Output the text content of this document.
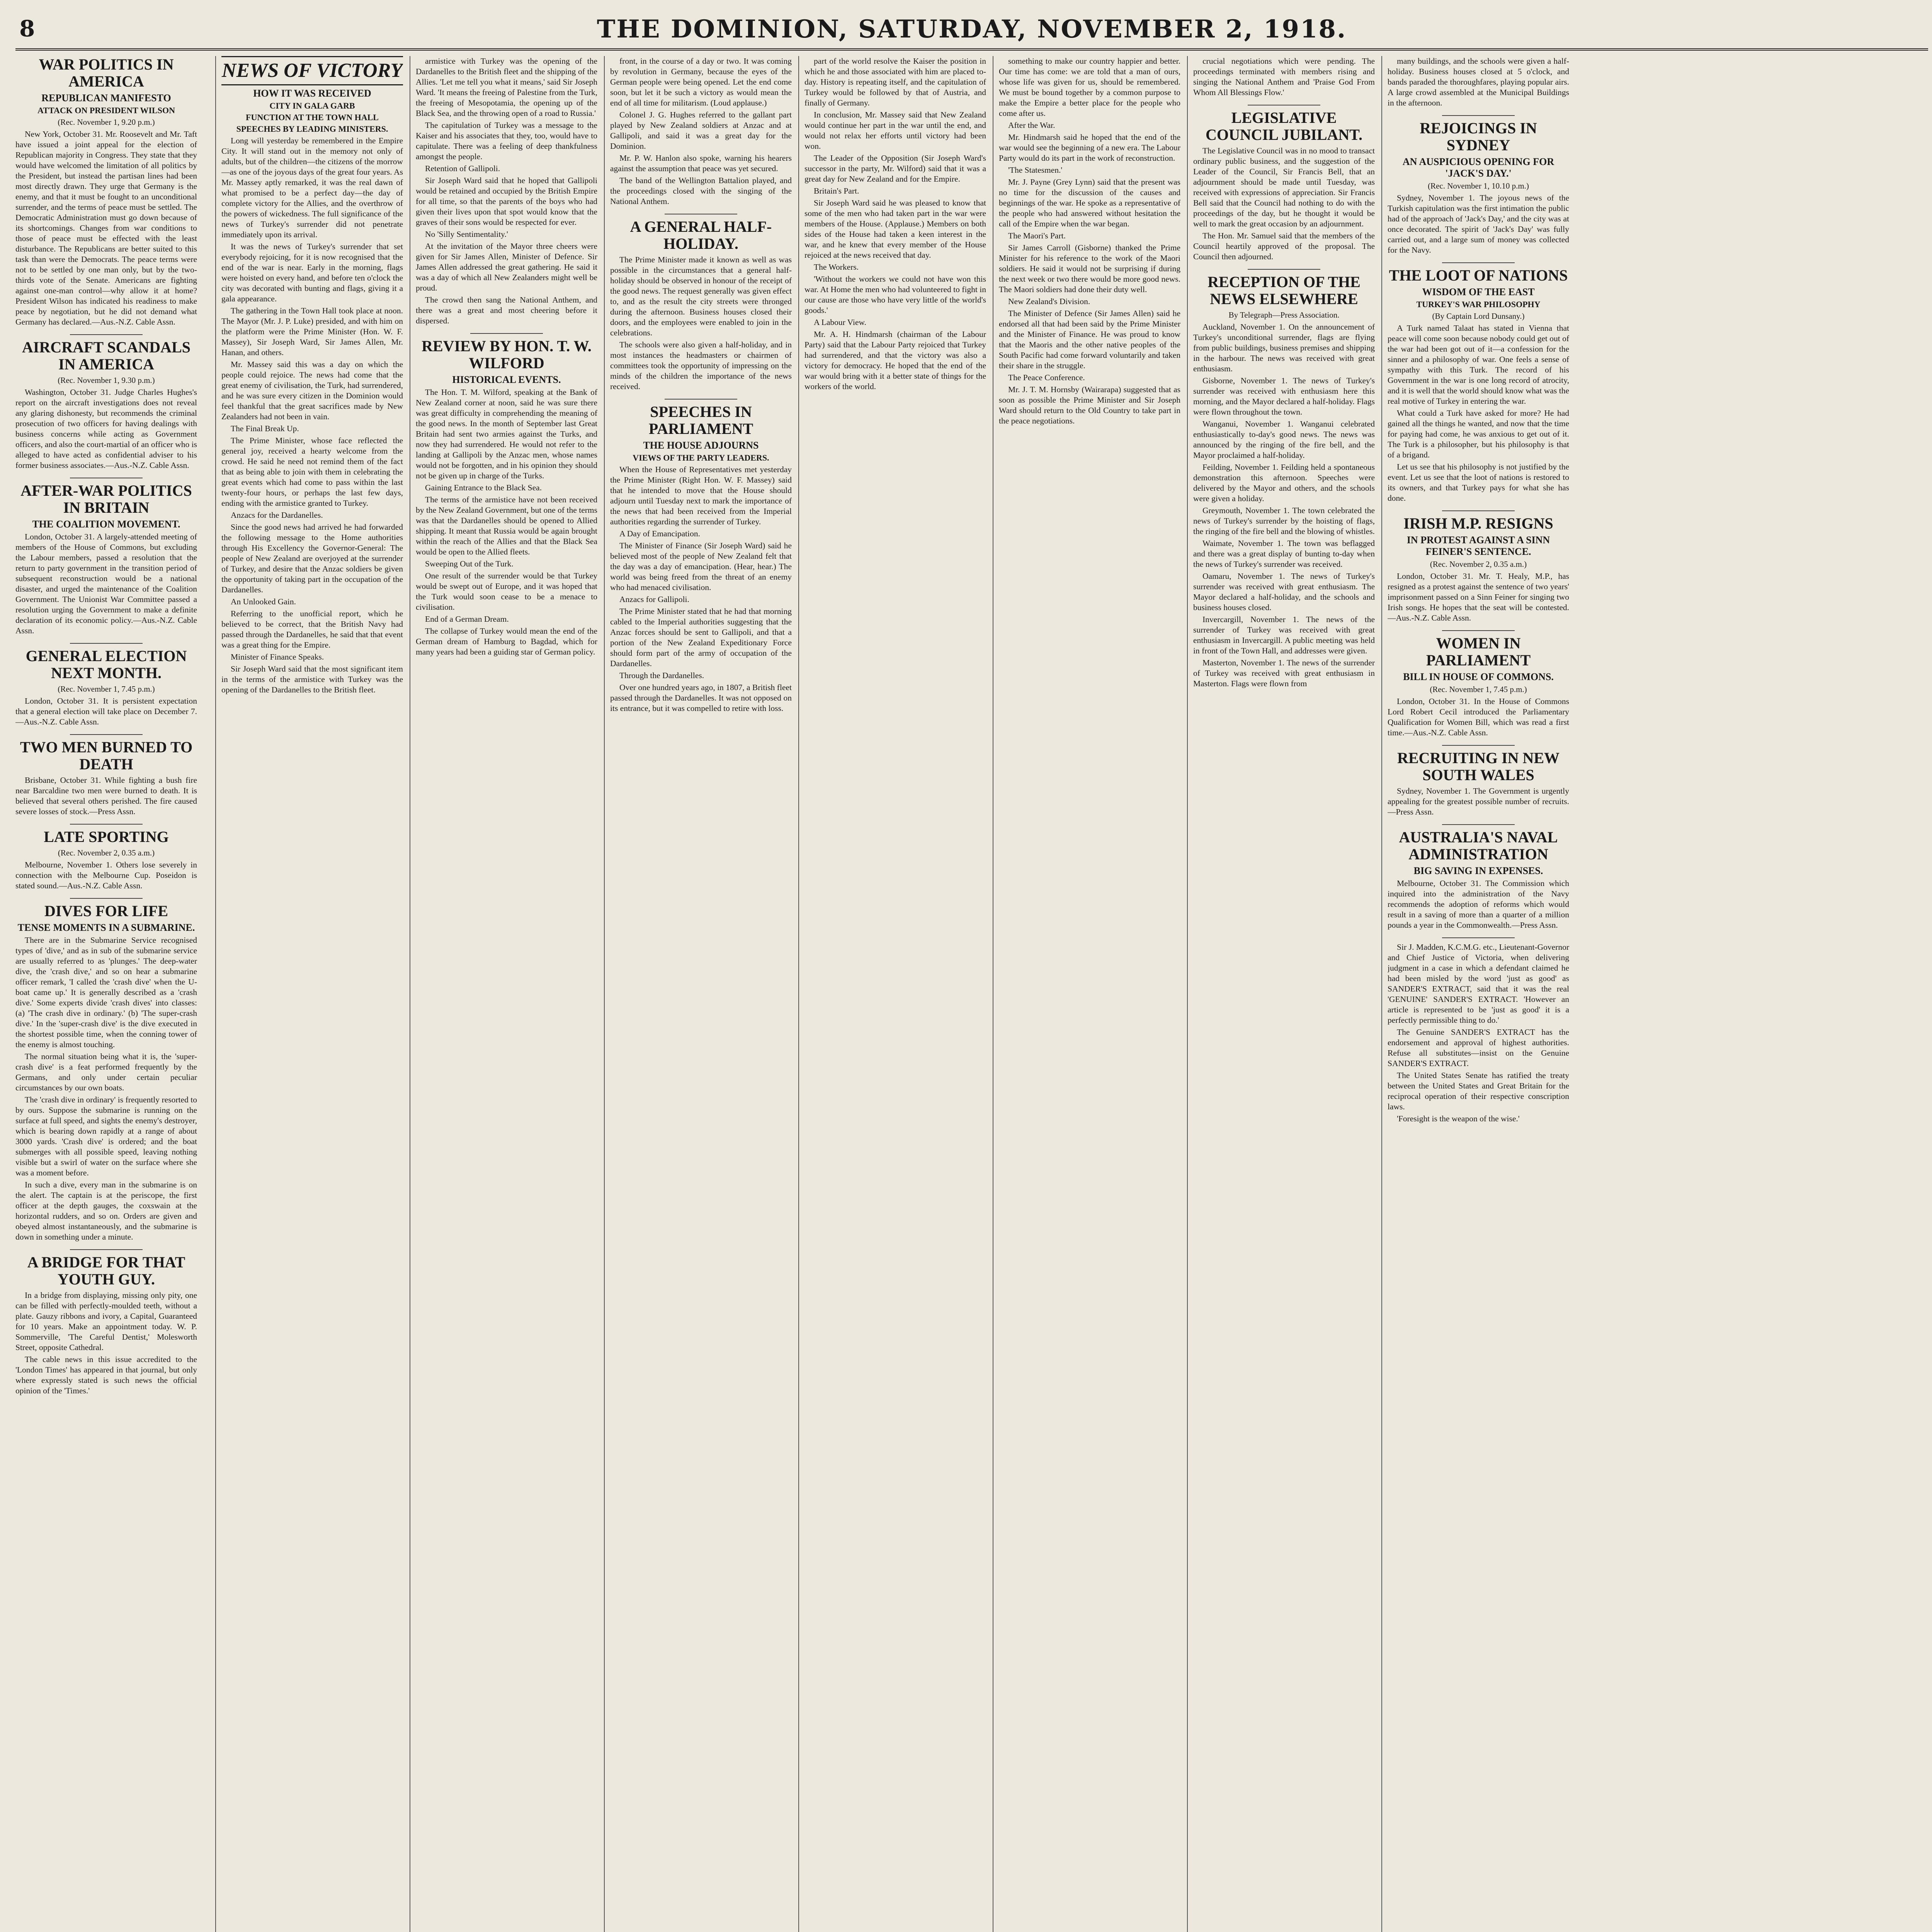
8	THE DOMINION, SATURDAY, NOVEMBER 2, 1918.
WAR POLITICS IN AMERICA
REPUBLICAN MANIFESTO
ATTACK ON PRESIDENT WILSON
(Rec. November 1, 9.20 p.m.)

New York, October 31. Mr. Roosevelt and Mr. Taft have issued a joint appeal for the election of Republican majority in Congress. They state that they would have welcomed the limitation of all politics by the President, but instead the partisan lines had been most directly drawn. They urge that Germany is the enemy, and that it must be fought to an unconditional surrender, and the terms of peace must be settled. The Democratic Administration must go down because of its shortcomings. Changes from war conditions to those of peace must be effected with the least disturbance. The Republicans are better suited to this task than were the Democrats. The peace terms were not to be settled by one man only, but by the two-thirds vote of the Senate. Americans are fighting against one-man control—why allow it at home? President Wilson has indicated his readiness to make peace by negotiation, but he did not demand what Germany has declared.—Aus.-N.Z. Cable Assn.

AIRCRAFT SCANDALS IN AMERICA
(Rec. November 1, 9.30 p.m.)

Washington, October 31. Judge Charles Hughes's report on the aircraft investigations does not reveal any glaring dishonesty, but recommends the criminal prosecution of two officers for having dealings with business concerns while acting as Government officers, and also the court-martial of an officer who is alleged to have acted as confidential adviser to his former business associates.—Aus.-N.Z. Cable Assn.

AFTER-WAR POLITICS IN BRITAIN
THE COALITION MOVEMENT.

London, October 31. A largely-attended meeting of members of the House of Commons, but excluding the Labour members, passed a resolution that the return to party government in the transition period of subsequent reconstruction would be a national disaster, and urged the maintenance of the Coalition Government. The Unionist War Committee passed a resolution urging the Government to make a definite declaration of its economic policy.—Aus.-N.Z. Cable Assn.

GENERAL ELECTION NEXT MONTH.
(Rec. November 1, 7.45 p.m.)

London, October 31. It is persistent expectation that a general election will take place on December 7.—Aus.-N.Z. Cable Assn.

TWO MEN BURNED TO DEATH

Brisbane, October 31. While fighting a bush fire near Barcaldine two men were burned to death. It is believed that several others perished. The fire caused severe losses of stock.—Press Assn.

LATE SPORTING
(Rec. November 2, 0.35 a.m.)

Melbourne, November 1. Others lose severely in connection with the Melbourne Cup. Poseidon is stated sound.—Aus.-N.Z. Cable Assn.

DIVES FOR LIFE
TENSE MOMENTS IN A SUBMARINE.

There are in the Submarine Service recognised types of 'dive,' and as in sub of the submarine service are usually referred to as 'plunges.' The deep-water dive, the 'crash dive,' and so on hear a submarine officer remark, 'I called the 'crash dive' when the U-boat came up.' It is generally described as a 'crash dive.' Some experts divide 'crash dives' into classes: (a) 'The crash dive in ordinary.' (b) 'The super-crash dive.' In the 'super-crash dive' is the dive executed in the shortest possible time, when the conning tower of the enemy is almost touching.

The normal situation being what it is, the 'super-crash dive' is a feat performed frequently by the Germans, and only under certain peculiar circumstances by our own boats.

The 'crash dive in ordinary' is frequently resorted to by ours. Suppose the submarine is running on the surface at full speed, and sights the enemy's destroyer, which is bearing down rapidly at a range of about 3000 yards. 'Crash dive' is ordered; and the boat submerges with all possible speed, leaving nothing visible but a swirl of water on the surface where she was a moment before.

In such a dive, every man in the submarine is on the alert. The captain is at the periscope, the first officer at the depth gauges, the coxswain at the horizontal rudders, and so on. Orders are given and obeyed almost instantaneously, and the submarine is down in something under a minute.

A BRIDGE FOR THAT YOUTH GUY.

In a bridge from displaying, missing only pity, one can be filled with perfectly-moulded teeth, without a plate. Gauzy ribbons and ivory, a Capital, Guaranteed for 10 years. Make an appointment today. W. P. Sommerville, 'The Careful Dentist,' Molesworth Street, opposite Cathedral.

The cable news in this issue accredited to the 'London Times' has appeared in that journal, but only where expressly stated is such news the official opinion of the 'Times.'

NEWS OF VICTORY
HOW IT WAS RECEIVED
CITY IN GALA GARB
FUNCTION AT THE TOWN HALL
SPEECHES BY LEADING MINISTERS.

Long will yesterday be remembered in the Empire City. It will stand out in the memory not only of adults, but of the children—the citizens of the morrow—as one of the joyous days of the great four years. As Mr. Massey aptly remarked, it was the real dawn of what promised to be a perfect day—the day of complete victory for the Allies, and the overthrow of the powers of wickedness. The full significance of the news of Turkey's surrender did not penetrate immediately upon its arrival.

It was the news of Turkey's surrender that set everybody rejoicing, for it is now recognised that the end of the war is near. Early in the morning, flags were hoisted on every hand, and before ten o'clock the city was decorated with bunting and flags, giving it a gala appearance.

The gathering in the Town Hall took place at noon. The Mayor (Mr. J. P. Luke) presided, and with him on the platform were the Prime Minister (Hon. W. F. Massey), Sir Joseph Ward, Sir James Allen, Mr. Hanan, and others.

Mr. Massey said this was a day on which the people could rejoice. The news had come that the great enemy of civilisation, the Turk, had surrendered, and he was sure every citizen in the Dominion would feel thankful that the great sacrifices made by New Zealanders had not been in vain.

The Final Break Up.

The Prime Minister, whose face reflected the general joy, received a hearty welcome from the crowd. He said he need not remind them of the fact that as being able to join with them in celebrating the great events which had come to pass within the last twenty-four hours, or perhaps the last few days, ending with the armistice granted to Turkey.

Anzacs for the Dardanelles.

Since the good news had arrived he had forwarded the following message to the Home authorities through His Excellency the Governor-General: The people of New Zealand are overjoyed at the surrender of Turkey, and desire that the Anzac soldiers be given the opportunity of taking part in the occupation of the Dardanelles.

An Unlooked Gain.

Referring to the unofficial report, which he believed to be correct, that the British Navy had passed through the Dardanelles, he said that that event was a great thing for the Empire.

Minister of Finance Speaks.

Sir Joseph Ward said that the most significant item in the terms of the armistice with Turkey was the opening of the Dardanelles to the British fleet.

armistice with Turkey was the opening of the Dardanelles to the British fleet and the shipping of the Allies. 'Let me tell you what it means,' said Sir Joseph Ward. 'It means the freeing of Palestine from the Turk, the freeing of Mesopotamia, the opening up of the Black Sea, and the throwing open of a road to Russia.'

The capitulation of Turkey was a message to the Kaiser and his associates that they, too, would have to capitulate. There was a feeling of deep thankfulness amongst the people.

Retention of Gallipoli.

Sir Joseph Ward said that he hoped that Gallipoli would be retained and occupied by the British Empire for all time, so that the parents of the boys who had given their lives upon that spot would know that the graves of their sons would be respected for ever.

No 'Silly Sentimentality.'

At the invitation of the Mayor three cheers were given for Sir James Allen, Minister of Defence. Sir James Allen addressed the great gathering. He said it was a day of which all New Zealanders might well be proud.

The crowd then sang the National Anthem, and there was a great and most cheering before it dispersed.

REVIEW BY HON. T. W. WILFORD
HISTORICAL EVENTS.

The Hon. T. M. Wilford, speaking at the Bank of New Zealand corner at noon, said he was sure there was great difficulty in comprehending the meaning of the good news. In the month of September last Great Britain had sent two armies against the Turks, and now they had surrendered. He would not refer to the landing at Gallipoli by the Anzac men, whose names would not be forgotten, and in his opinion they should not be given up in charge of the Turks.

Gaining Entrance to the Black Sea.

The terms of the armistice have not been received by the New Zealand Government, but one of the terms was that the Dardanelles should be opened to Allied shipping. It meant that Russia would be again brought within the reach of the Allies and that the Black Sea would be open to the Allied fleets.

Sweeping Out of the Turk.

One result of the surrender would be that Turkey would be swept out of Europe, and it was hoped that the Turk would soon cease to be a menace to civilisation.

End of a German Dream.

The collapse of Turkey would mean the end of the German dream of Hamburg to Bagdad, which for many years had been a guiding star of German policy.

front, in the course of a day or two. It was coming by revolution in Germany, because the eyes of the German people were being opened. Let the end come soon, but let it be such a victory as would mean the end of all time for militarism. (Loud applause.)

Colonel J. G. Hughes referred to the gallant part played by New Zealand soldiers at Anzac and at Gallipoli, and said it was a great day for the Dominion.

Mr. P. W. Hanlon also spoke, warning his hearers against the assumption that peace was yet secured.

The band of the Wellington Battalion played, and the proceedings closed with the singing of the National Anthem.

A GENERAL HALF-HOLIDAY.

The Prime Minister made it known as well as was possible in the circumstances that a general half-holiday should be observed in honour of the receipt of the good news. The request generally was given effect to, and as the result the city streets were thronged during the afternoon. Business houses closed their doors, and the employees were enabled to join in the celebrations.

The schools were also given a half-holiday, and in most instances the headmasters or chairmen of committees took the opportunity of impressing on the minds of the children the importance of the news received.

SPEECHES IN PARLIAMENT
THE HOUSE ADJOURNS
VIEWS OF THE PARTY LEADERS.

When the House of Representatives met yesterday the Prime Minister (Right Hon. W. F. Massey) said that he intended to move that the House should adjourn until Tuesday next to mark the importance of the news that had been received from the Imperial authorities regarding the surrender of Turkey.

A Day of Emancipation.

The Minister of Finance (Sir Joseph Ward) said he believed most of the people of New Zealand felt that the day was a day of emancipation. (Hear, hear.) The world was being freed from the threat of an enemy who had menaced civilisation.

Anzacs for Gallipoli.

The Prime Minister stated that he had that morning cabled to the Imperial authorities suggesting that the Anzac forces should be sent to Gallipoli, and that a portion of the New Zealand Expeditionary Force should form part of the army of occupation of the Dardanelles.

Through the Dardanelles.

Over one hundred years ago, in 1807, a British fleet passed through the Dardanelles. It was not opposed on its entrance, but it was compelled to retire with loss.

part of the world resolve the Kaiser the position in which he and those associated with him are placed to-day. History is repeating itself, and the capitulation of Turkey would be followed by that of Austria, and finally of Germany.

In conclusion, Mr. Massey said that New Zealand would continue her part in the war until the end, and would not relax her efforts until victory had been won.

The Leader of the Opposition (Sir Joseph Ward's successor in the party, Mr. Wilford) said that it was a great day for New Zealand and for the Empire.

Britain's Part.

Sir Joseph Ward said he was pleased to know that some of the men who had taken part in the war were members of the House. (Applause.) Members on both sides of the House had taken a keen interest in the war, and he knew that every member of the House rejoiced at the news received that day.

The Workers.

'Without the workers we could not have won this war. At Home the men who had volunteered to fight in our cause are those who have very little of the world's goods.'

A Labour View.

Mr. A. H. Hindmarsh (chairman of the Labour Party) said that the Labour Party rejoiced that Turkey had surrendered, and that the victory was also a victory for democracy. He hoped that the end of the war would bring with it a better state of things for the workers of the world.

something to make our country happier and better. Our time has come: we are told that a man of ours, whose life was given for us, should be remembered. We must be bound together by a common purpose to make the Empire a better place for the people who come after us.

After the War.

Mr. Hindmarsh said he hoped that the end of the war would see the beginning of a new era. The Labour Party would do its part in the work of reconstruction.

'The Statesmen.'

Mr. J. Payne (Grey Lynn) said that the present was no time for the discussion of the causes and beginnings of the war. He spoke as a representative of the people who had answered without hesitation the call of the Empire when the war began.

The Maori's Part.

Sir James Carroll (Gisborne) thanked the Prime Minister for his reference to the work of the Maori soldiers. He said it would not be surprising if during the next week or two there would be more good news. The Maori soldiers had done their duty well.

New Zealand's Division.

The Minister of Defence (Sir James Allen) said he endorsed all that had been said by the Prime Minister and the Minister of Finance. He was proud to know that the Maoris and the other native peoples of the South Pacific had come forward voluntarily and taken their share in the struggle.

The Peace Conference.

Mr. J. T. M. Hornsby (Wairarapa) suggested that as soon as possible the Prime Minister and Sir Joseph Ward should return to the Old Country to take part in the peace negotiations.

crucial negotiations which were pending. The proceedings terminated with members rising and singing the National Anthem and 'Praise God From Whom All Blessings Flow.'

LEGISLATIVE COUNCIL JUBILANT.

The Legislative Council was in no mood to transact ordinary public business, and the suggestion of the Leader of the Council, Sir Francis Bell, that an adjournment should be made until Tuesday, was received with expressions of appreciation. Sir Francis Bell said that the Council had nothing to do with the proceedings of the day, but he thought it would be well to mark the great occasion by an adjournment.

The Hon. Mr. Samuel said that the members of the Council heartily approved of the proposal. The Council then adjourned.

RECEPTION OF THE NEWS ELSEWHERE
By Telegraph—Press Association.

Auckland, November 1. On the announcement of Turkey's unconditional surrender, flags are flying from public buildings, business premises and shipping in the harbour. The news was received with great enthusiasm.

Gisborne, November 1. The news of Turkey's surrender was received with enthusiasm here this morning, and the Mayor declared a half-holiday. Flags were flown throughout the town.

Wanganui, November 1. Wanganui celebrated enthusiastically to-day's good news. The news was announced by the ringing of the fire bell, and the Mayor proclaimed a half-holiday.

Feilding, November 1. Feilding held a spontaneous demonstration this afternoon. Speeches were delivered by the Mayor and others, and the schools were given a holiday.

Greymouth, November 1. The town celebrated the news of Turkey's surrender by the hoisting of flags, the ringing of the fire bell and the blowing of whistles.

Waimate, November 1. The town was beflagged and there was a great display of bunting to-day when the news of Turkey's surrender was received.

Oamaru, November 1. The news of Turkey's surrender was received with great enthusiasm. The Mayor declared a half-holiday, and the schools and business houses closed.

Invercargill, November 1. The news of the surrender of Turkey was received with great enthusiasm in Invercargill. A public meeting was held in front of the Town Hall, and addresses were given.

Masterton, November 1. The news of the surrender of Turkey was received with great enthusiasm in Masterton. Flags were flown from

many buildings, and the schools were given a half-holiday. Business houses closed at 5 o'clock, and bands paraded the thoroughfares, playing popular airs. A large crowd assembled at the Municipal Buildings in the afternoon.

REJOICINGS IN SYDNEY
AN AUSPICIOUS OPENING FOR 'JACK'S DAY.'
(Rec. November 1, 10.10 p.m.)

Sydney, November 1. The joyous news of the Turkish capitulation was the first intimation the public had of the approach of 'Jack's Day,' and the city was at once decorated. The spirit of 'Jack's Day' was fully carried out, and a large sum of money was collected for the Navy.

THE LOOT OF NATIONS
WISDOM OF THE EAST
TURKEY'S WAR PHILOSOPHY
(By Captain Lord Dunsany.)

A Turk named Talaat has stated in Vienna that peace will come soon because nobody could get out of the war had been got out of it—a confession for the sinner and a philosophy of war. One feels a sense of sympathy with this Turk. The record of his Government in the war is one long record of atrocity, and it is well that the world should know what was the real motive of Turkey in entering the war.

What could a Turk have asked for more? He had gained all the things he wanted, and now that the time for paying had come, he was anxious to get out of it. The Turk is a philosopher, but his philosophy is that of a brigand.

Let us see that his philosophy is not justified by the event. Let us see that the loot of nations is restored to its owners, and that Turkey pays for what she has done.

IRISH M.P. RESIGNS
IN PROTEST AGAINST A SINN FEINER'S SENTENCE.
(Rec. November 2, 0.35 a.m.)

London, October 31. Mr. T. Healy, M.P., has resigned as a protest against the sentence of two years' imprisonment passed on a Sinn Feiner for singing two Irish songs. He hopes that the seat will be contested.—Aus.-N.Z. Cable Assn.

WOMEN IN PARLIAMENT
BILL IN HOUSE OF COMMONS.
(Rec. November 1, 7.45 p.m.)

London, October 31. In the House of Commons Lord Robert Cecil introduced the Parliamentary Qualification for Women Bill, which was read a first time.—Aus.-N.Z. Cable Assn.

RECRUITING IN NEW SOUTH WALES

Sydney, November 1. The Government is urgently appealing for the greatest possible number of recruits.—Press Assn.

AUSTRALIA'S NAVAL ADMINISTRATION
BIG SAVING IN EXPENSES.

Melbourne, October 31. The Commission which inquired into the administration of the Navy recommends the adoption of reforms which would result in a saving of more than a quarter of a million pounds a year in the Commonwealth.—Press Assn.

Sir J. Madden, K.C.M.G. etc., Lieutenant-Governor and Chief Justice of Victoria, when delivering judgment in a case in which a defendant claimed he had been misled by the word 'just as good' as SANDER'S EXTRACT, said that it was the real 'GENUINE' SANDER'S EXTRACT. 'However an article is represented to be 'just as good' it is a perfectly permissible thing to do.'

The Genuine SANDER'S EXTRACT has the endorsement and approval of highest authorities. Refuse all substitutes—insist on the Genuine SANDER'S EXTRACT.

The United States Senate has ratified the treaty between the United States and Great Britain for the reciprocal operation of their respective conscription laws.

'Foresight is the weapon of the wise.'
